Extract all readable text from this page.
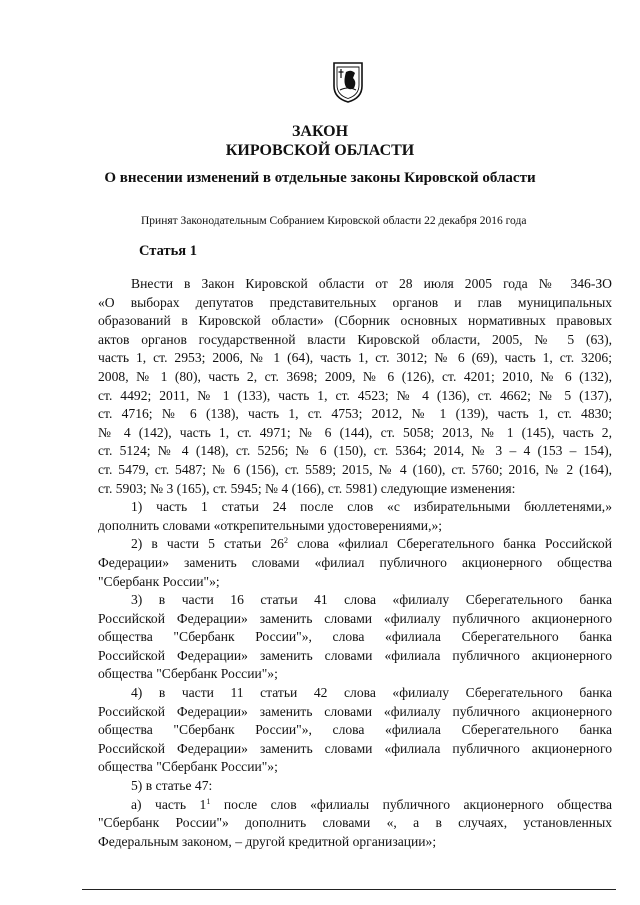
ЗАКОН
КИРОВСКОЙ ОБЛАСТИ
О внесении изменений в отдельные законы Кировской области
Принят Законодательным Собранием Кировской области 22 декабря 2016 года
Статья 1
Внести в Закон Кировской области от 28 июля 2005 года № 346-ЗО
«О выборах депутатов представительных органов и глав муниципальных
образований в Кировской области» (Сборник основных нормативных правовых
актов органов государственной власти Кировской области, 2005, № 5 (63),
часть 1, ст. 2953; 2006, № 1 (64), часть 1, ст. 3012; № 6 (69), часть 1, ст. 3206;
2008, № 1 (80), часть 2, ст. 3698; 2009, № 6 (126), ст. 4201; 2010, № 6 (132),
ст. 4492; 2011, № 1 (133), часть 1, ст. 4523; № 4 (136), ст. 4662; № 5 (137),
ст. 4716; № 6 (138), часть 1, ст. 4753; 2012, № 1 (139), часть 1, ст. 4830;
№ 4 (142), часть 1, ст. 4971; № 6 (144), ст. 5058; 2013, № 1 (145), часть 2,
ст. 5124; № 4 (148), ст. 5256; № 6 (150), ст. 5364; 2014, № 3 – 4 (153 – 154),
ст. 5479, ст. 5487; № 6 (156), ст. 5589; 2015, № 4 (160), ст. 5760; 2016, № 2 (164),
ст. 5903; № 3 (165), ст. 5945; № 4 (166), ст. 5981) следующие изменения:
1) часть 1 статьи 24 после слов «с избирательными бюллетенями,»
дополнить словами «открепительными удостоверениями,»;
2) в части 5 статьи $26^2$ слова «филиал Сберегательного банка Российской
Федерации» заменить словами «филиал публичного акционерного общества
"Сбербанк России"»;
3) в части 16 статьи 41 слова «филиалу Сберегательного банка
Российской Федерации» заменить словами «филиалу публичного акционерного
общества "Сбербанк России"», слова «филиала Сберегательного банка
Российской Федерации» заменить словами «филиала публичного акционерного
общества "Сбербанк России"»;
4) в части 11 статьи 42 слова «филиалу Сберегательного банка
Российской Федерации» заменить словами «филиалу публичного акционерного
общества "Сбербанк России"», слова «филиала Сберегательного банка
Российской Федерации» заменить словами «филиала публичного акционерного
общества "Сбербанк России"»;
5) в статье 47:
а) часть $1^1$ после слов «филиалы публичного акционерного общества
"Сбербанк России"» дополнить словами «, а в случаях, установленных
Федеральным законом, – другой кредитной организации»;
